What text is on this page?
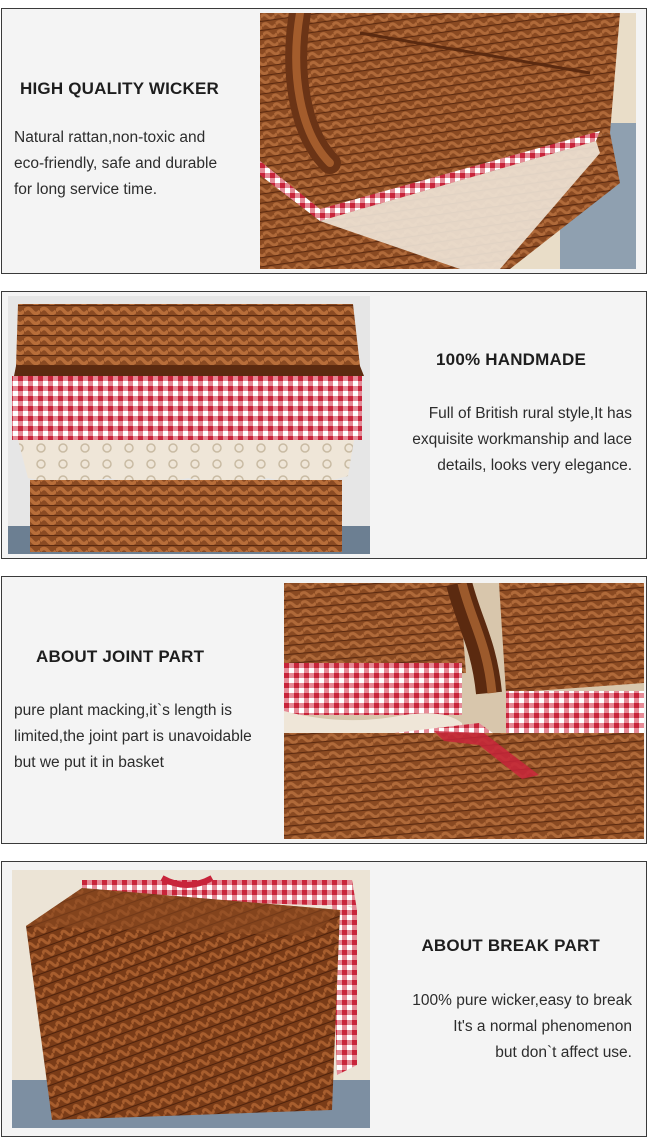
HIGH QUALITY WICKER
Natural rattan,non-toxic and
eco-friendly, safe and durable
for long service time.
100% HANDMADE
Full of British rural style,It has
exquisite workmanship and lace
details, looks very elegance.
ABOUT JOINT PART
pure plant macking,it`s length is
limited,the joint part is unavoidable
but we put it in basket
ABOUT BREAK PART
100% pure wicker,easy to break
It's a normal phenomenon
but don`t affect use.
